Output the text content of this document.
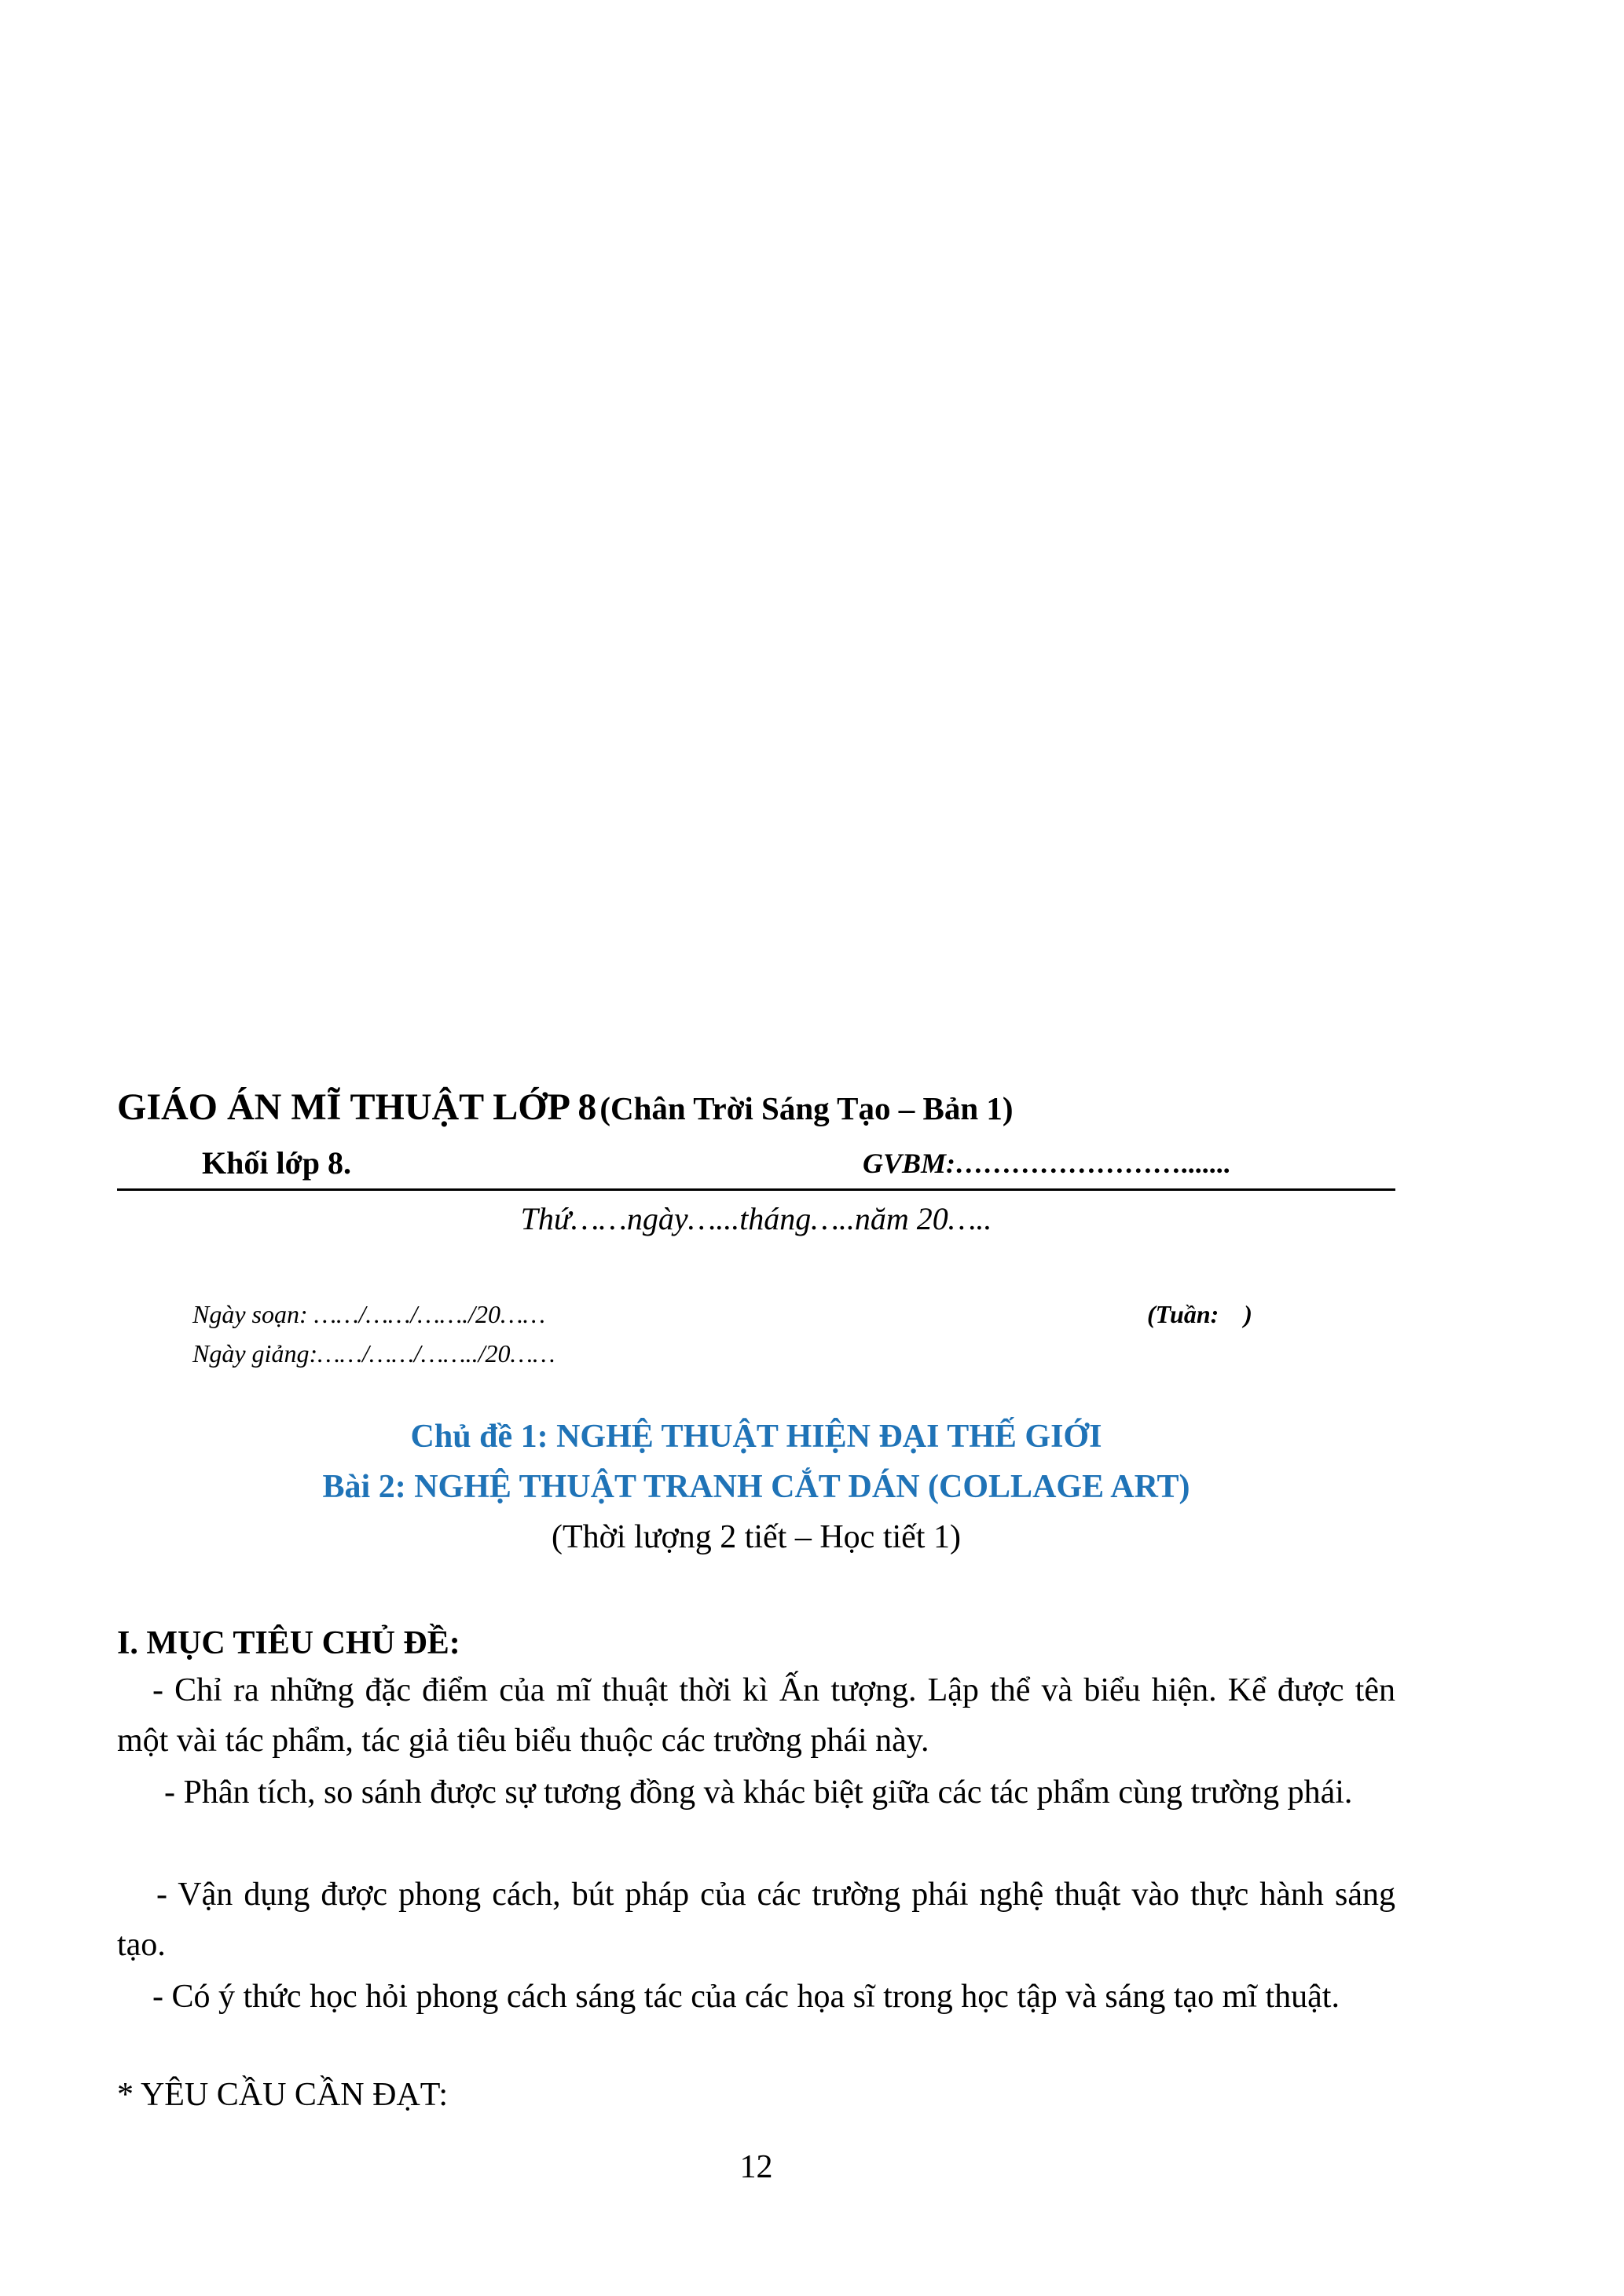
GIÁO ÁN MĨ THUẬT LỚP 8 (Chân Trời Sáng Tạo – Bản 1)
Khối lớp 8.	GVBM:…………………….......
Thứ……ngày…...tháng…..năm 20…..
Ngày soạn: ……/……/……./20……
Ngày giảng:……/……/……../20……
(Tuần:    )
Chủ đề 1: NGHỆ THUẬT HIỆN ĐẠI THẾ GIỚI
Bài 2: NGHỆ THUẬT TRANH CẮT DÁN (COLLAGE ART)
(Thời lượng 2 tiết – Học tiết 1)
I. MỤC TIÊU CHỦ ĐỀ:
- Chỉ ra những đặc điểm của mĩ thuật thời kì Ấn tượng. Lập thể và biểu hiện. Kể được tên một vài tác phẩm, tác giả tiêu biểu thuộc các trường phái này.
- Phân tích, so sánh được sự tương đồng và khác biệt giữa các tác phẩm cùng trường phái.
- Vận dụng được phong cách, bút pháp của các trường phái nghệ thuật vào thực hành sáng tạo.
- Có ý thức học hỏi phong cách sáng tác của các họa sĩ trong học tập và sáng tạo mĩ thuật.
* YÊU CẦU CẦN ĐẠT:
12
